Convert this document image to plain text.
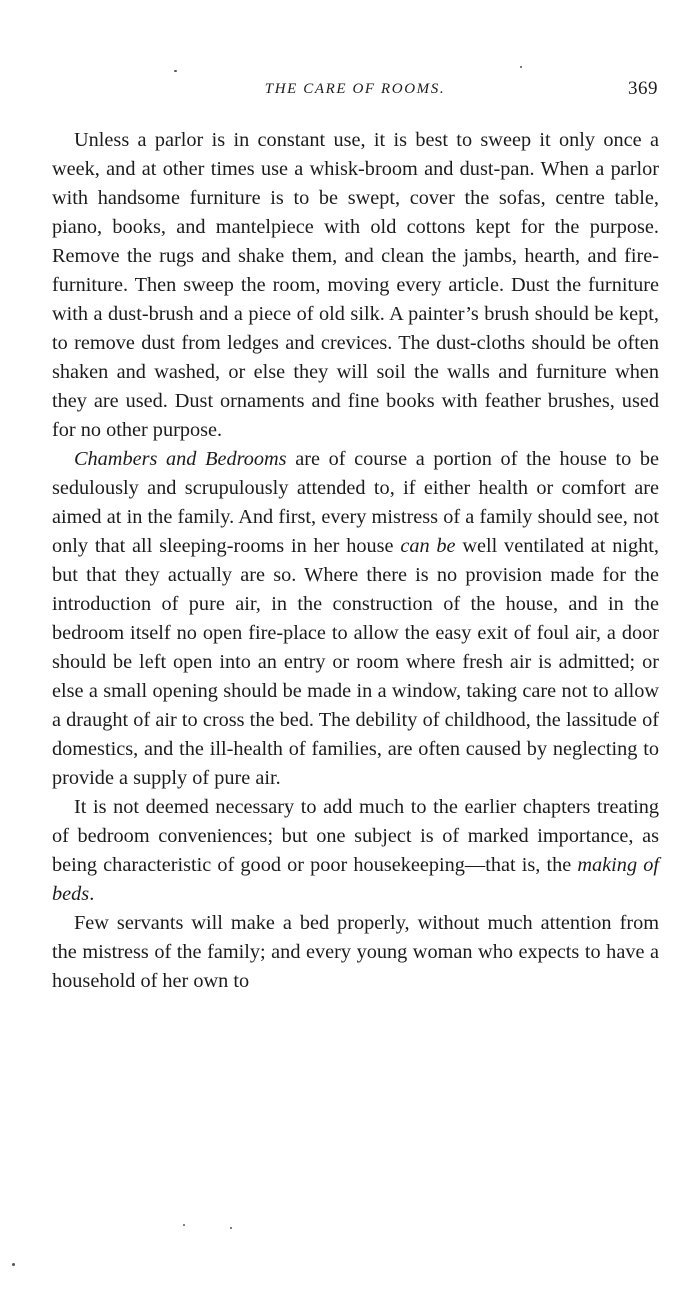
THE CARE OF ROOMS.	369

Unless a parlor is in constant use, it is best to sweep it only once a week, and at other times use a whisk-broom and dust-pan. When a parlor with handsome furniture is to be swept, cover the sofas, centre table, piano, books, and mantelpiece with old cottons kept for the purpose. Remove the rugs and shake them, and clean the jambs, hearth, and fire-furniture. Then sweep the room, moving every article. Dust the furniture with a dust-brush and a piece of old silk. A painter’s brush should be kept, to remove dust from ledges and crevices. The dust-cloths should be often shaken and washed, or else they will soil the walls and furniture when they are used. Dust ornaments and fine books with feather brushes, used for no other purpose.

Chambers and Bedrooms are of course a portion of the house to be sedulously and scrupulously attended to, if either health or comfort are aimed at in the family. And first, every mistress of a family should see, not only that all sleeping-rooms in her house can be well ventilated at night, but that they actually are so. Where there is no provision made for the introduction of pure air, in the construction of the house, and in the bedroom itself no open fire-place to allow the easy exit of foul air, a door should be left open into an entry or room where fresh air is admitted; or else a small opening should be made in a window, taking care not to allow a draught of air to cross the bed. The debility of childhood, the lassitude of domestics, and the ill-health of families, are often caused by neglecting to provide a supply of pure air.

It is not deemed necessary to add much to the earlier chapters treating of bedroom conveniences; but one subject is of marked importance, as being characteristic of good or poor housekeeping—that is, the making of beds.

Few servants will make a bed properly, without much attention from the mistress of the family; and every young woman who expects to have a household of her own to
